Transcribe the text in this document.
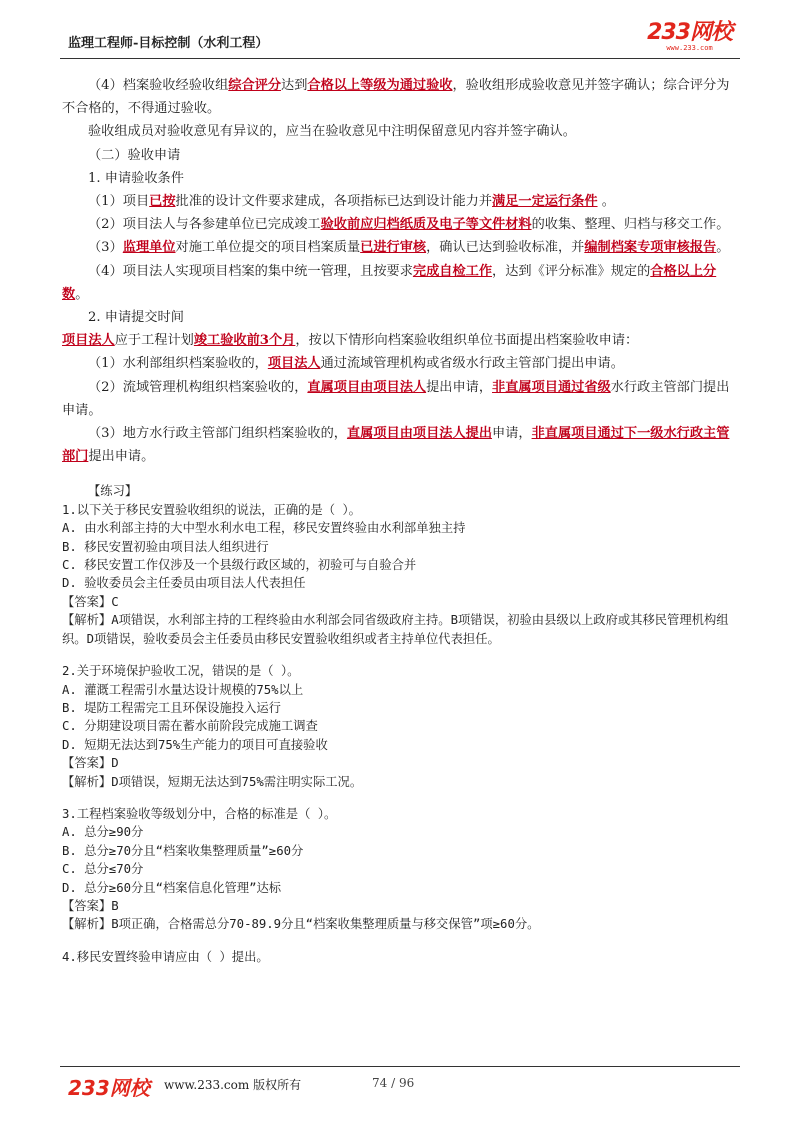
监理工程师-目标控制（水利工程）	233网校
www.233.com

（4）档案验收经验收组综合评分达到合格以上等级为通过验收，验收组形成验收意见并签字确认；综合评分为不合格的，不得通过验收。

验收组成员对验收意见有异议的，应当在验收意见中注明保留意见内容并签字确认。

（二）验收申请

1. 申请验收条件

（1）项目已按批准的设计文件要求建成，各项指标已达到设计能力并满足一定运行条件 。

（2）项目法人与各参建单位已完成竣工验收前应归档纸质及电子等文件材料的收集、整理、归档与移交工作。

（3）监理单位对施工单位提交的项目档案质量已进行审核，确认已达到验收标准，并编制档案专项审核报告。

（4）项目法人实现项目档案的集中统一管理，且按要求完成自检工作，达到《评分标准》规定的合格以上分数。

2. 申请提交时间

项目法人应于工程计划竣工验收前3个月，按以下情形向档案验收组织单位书面提出档案验收申请：

（1）水利部组织档案验收的，项目法人通过流域管理机构或省级水行政主管部门提出申请。

（2）流域管理机构组织档案验收的，直属项目由项目法人提出申请，非直属项目通过省级水行政主管部门提出申请。

（3）地方水行政主管部门组织档案验收的，直属项目由项目法人提出申请，非直属项目通过下一级水行政主管部门提出申请。

【练习】

1.以下关于移民安置验收组织的说法，正确的是（ ）。

A. 由水利部主持的大中型水利水电工程，移民安置终验由水利部单独主持

B. 移民安置初验由项目法人组织进行

C. 移民安置工作仅涉及一个县级行政区域的，初验可与自验合并

D. 验收委员会主任委员由项目法人代表担任

【答案】C

【解析】A项错误，水利部主持的工程终验由水利部会同省级政府主持。B项错误，初验由县级以上政府或其移民管理机构组织。D项错误，验收委员会主任委员由移民安置验收组织或者主持单位代表担任。

2.关于环境保护验收工况，错误的是（ ）。

A. 灌溉工程需引水量达设计规模的75%以上

B. 堤防工程需完工且环保设施投入运行

C. 分期建设项目需在蓄水前阶段完成施工调查

D. 短期无法达到75%生产能力的项目可直接验收

【答案】D

【解析】D项错误，短期无法达到75%需注明实际工况。

3.工程档案验收等级划分中，合格的标准是（ ）。

A. 总分≥90分

B. 总分≥70分且“档案收集整理质量”≥60分

C. 总分≤70分

D. 总分≥60分且“档案信息化管理”达标

【答案】B

【解析】B项正确，合格需总分70-89.9分且“档案收集整理质量与移交保管”项≥60分。

4.移民安置终验申请应由（ ）提出。

233网校 www.233.com 版权所有	74 / 96
